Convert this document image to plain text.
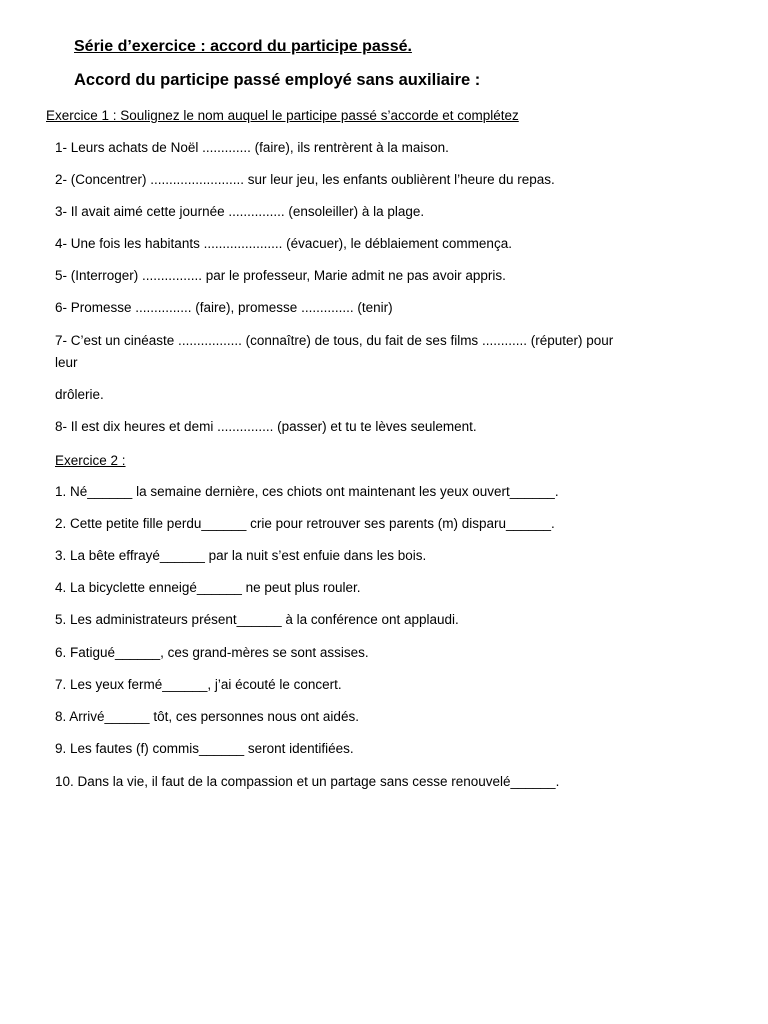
Série d’exercice : accord du participe passé.
Accord du participe passé employé sans auxiliaire :
Exercice 1 : Soulignez le nom auquel le participe passé s’accorde et complétez
1- Leurs achats de Noël ............. (faire), ils rentrèrent à la maison.
2- (Concentrer) ......................... sur leur jeu, les enfants oublièrent l’heure du repas.
3- Il avait aimé cette journée ............... (ensoleiller) à la plage.
4- Une fois les habitants ..................... (évacuer), le déblaiement commença.
5- (Interroger) ................ par le professeur, Marie admit ne pas avoir appris.
6- Promesse ............... (faire), promesse .............. (tenir)
7- C’est un cinéaste ................. (connaître) de tous, du fait de ses films ............ (réputer) pour leur
drôlerie.
8- Il est dix heures et demi ............... (passer) et tu te lèves seulement.
Exercice 2 :
1. Né______ la semaine dernière, ces chiots ont maintenant les yeux ouvert______.
2. Cette petite fille perdu______ crie pour retrouver ses parents (m) disparu______.
3. La bête effrayé______ par la nuit s’est enfuie dans les bois.
4. La bicyclette enneigé______ ne peut plus rouler.
5. Les administrateurs présent______ à la conférence ont applaudi.
6. Fatigué______, ces grand-mères se sont assises.
7. Les yeux fermé______, j’ai écouté le concert.
8. Arrivé______ tôt, ces personnes nous ont aidés.
9. Les fautes (f) commis______ seront identifiées.
10. Dans la vie, il faut de la compassion et un partage sans cesse renouvelé______.
